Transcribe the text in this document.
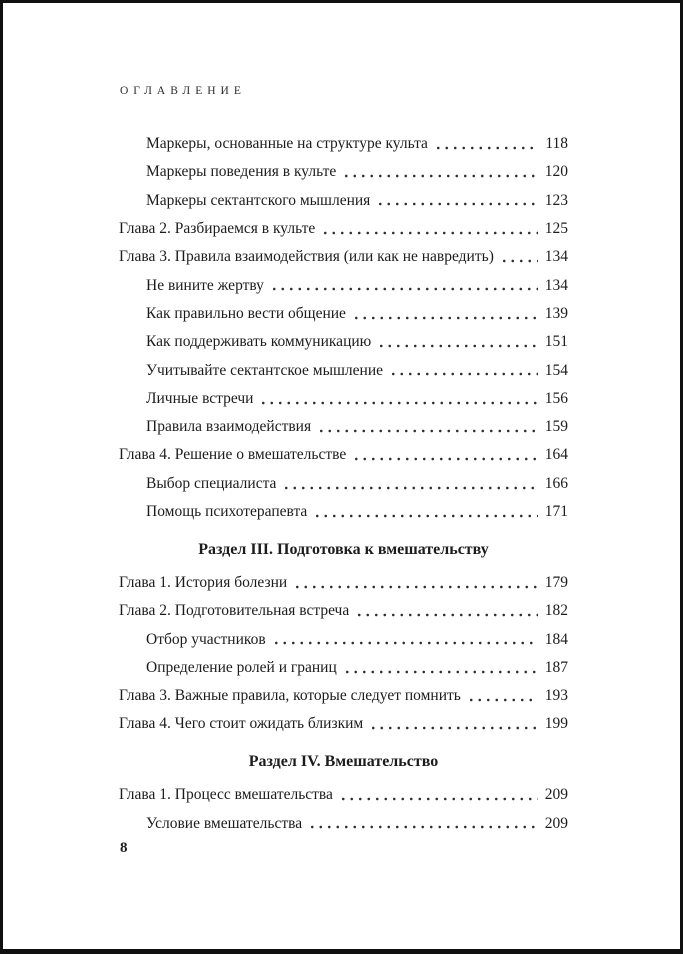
ОГЛАВЛЕНИЕ
Маркеры, основанные на структуре культа	118
Маркеры поведения в культе	120
Маркеры сектантского мышления	123
Глава 2. Разбираемся в культе	125
Глава 3. Правила взаимодействия (или как не навредить)	134
Не вините жертву	134
Как правильно вести общение	139
Как поддерживать коммуникацию	151
Учитывайте сектантское мышление	154
Личные встречи	156
Правила взаимодействия	159
Глава 4. Решение о вмешательстве	164
Выбор специалиста	166
Помощь психотерапевта	171
Раздел III. Подготовка к вмешательству
Глава 1. История болезни	179
Глава 2. Подготовительная встреча	182
Отбор участников	184
Определение ролей и границ	187
Глава 3. Важные правила, которые следует помнить	193
Глава 4. Чего стоит ожидать близким	199
Раздел IV. Вмешательство
Глава 1. Процесс вмешательства	209
Условие вмешательства	209
8
